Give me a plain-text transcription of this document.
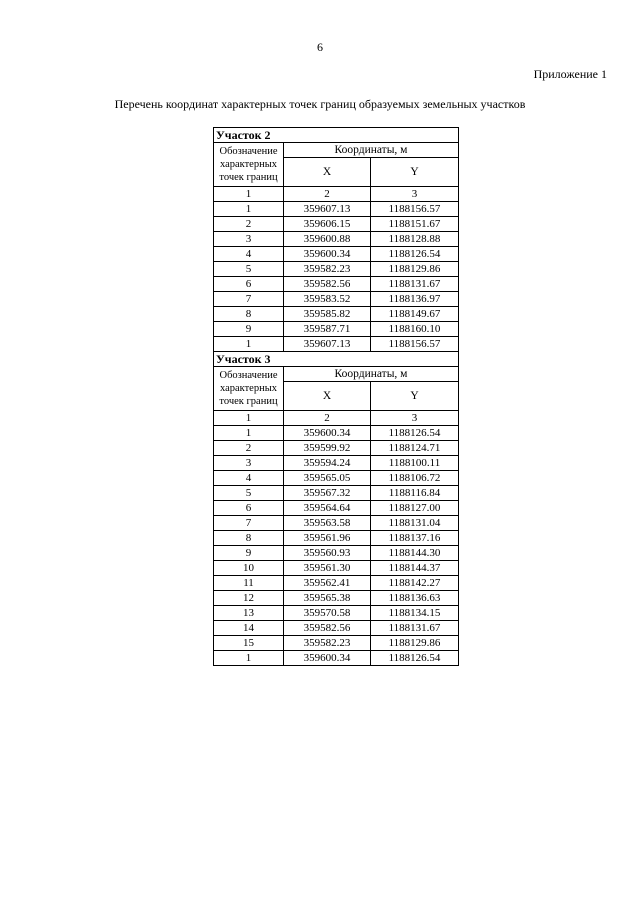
6
Приложение 1
Перечень координат характерных точек границ образуемых земельных участков
Участок 2		

Обозначение
характерных
точек границ	Координаты, м	
	X	Y
1	2	3
1	359607.13	1188156.57
2	359606.15	1188151.67
3	359600.88	1188128.88
4	359600.34	1188126.54
5	359582.23	1188129.86
6	359582.56	1188131.67
7	359583.52	1188136.97
8	359585.82	1188149.67
9	359587.71	1188160.10
1	359607.13	1188156.57
Участок 3		

Обозначение
характерных
точек границ	Координаты, м	
	X	Y
1	2	3
1	359600.34	1188126.54
2	359599.92	1188124.71
3	359594.24	1188100.11
4	359565.05	1188106.72
5	359567.32	1188116.84
6	359564.64	1188127.00
7	359563.58	1188131.04
8	359561.96	1188137.16
9	359560.93	1188144.30
10	359561.30	1188144.37
11	359562.41	1188142.27
12	359565.38	1188136.63
13	359570.58	1188134.15
14	359582.56	1188131.67
15	359582.23	1188129.86
1	359600.34	1188126.54
